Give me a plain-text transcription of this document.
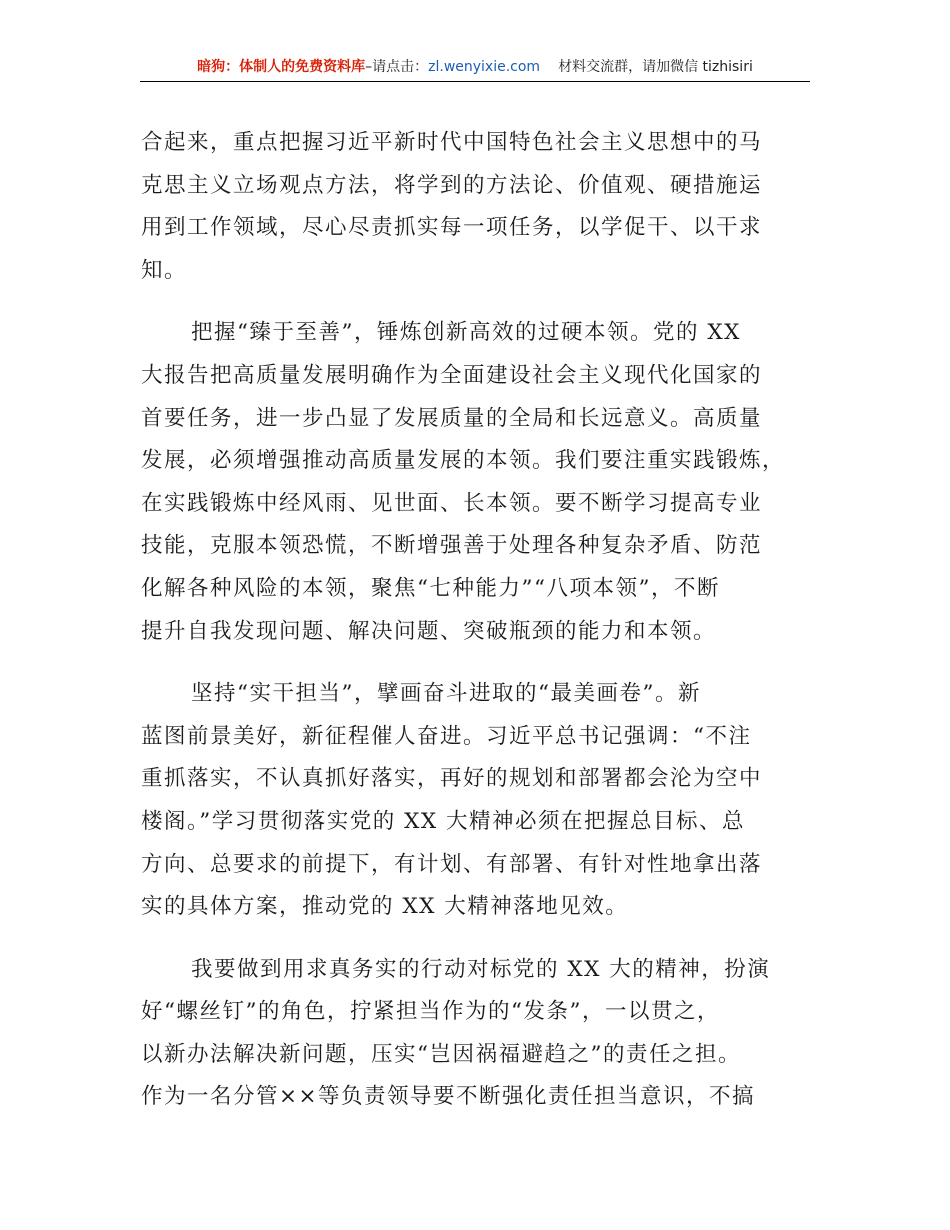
暗狗：体制人的免费资料库 –请点击： zl.wenyixie.com 材料交流群，请加微信 tizhisiri

合起来，重点把握习近平新时代中国特色社会主义思想中的马
克思主义立场观点方法，将学到的方法论、价值观、硬措施运
用到工作领域，尽心尽责抓实每一项任务，以学促干、以干求
知。

把握“臻于至善”，锤炼创新高效的过硬本领。党的 XX
大报告把高质量发展明确作为全面建设社会主义现代化国家的
首要任务，进一步凸显了发展质量的全局和长远意义。高质量
发展，必须增强推动高质量发展的本领。我们要注重实践锻炼，
在实践锻炼中经风雨、见世面、长本领。要不断学习提高专业
技能，克服本领恐慌，不断增强善于处理各种复杂矛盾、防范
化解各种风险的本领，聚焦“七种能力”“八项本领”，不断
提升自我发现问题、解决问题、突破瓶颈的能力和本领。

坚持“实干担当”，擘画奋斗进取的“最美画卷”。新
蓝图前景美好，新征程催人奋进。习近平总书记强调：“不注
重抓落实，不认真抓好落实，再好的规划和部署都会沦为空中
楼阁。”学习贯彻落实党的 XX 大精神必须在把握总目标、总
方向、总要求的前提下，有计划、有部署、有针对性地拿出落
实的具体方案，推动党的 XX 大精神落地见效。

我要做到用求真务实的行动对标党的 XX 大的精神，扮演
好“螺丝钉”的角色，拧紧担当作为的“发条”，一以贯之，
以新办法解决新问题，压实“岂因祸福避趋之”的责任之担。
作为一名分管××等负责领导要不断强化责任担当意识，不搞
